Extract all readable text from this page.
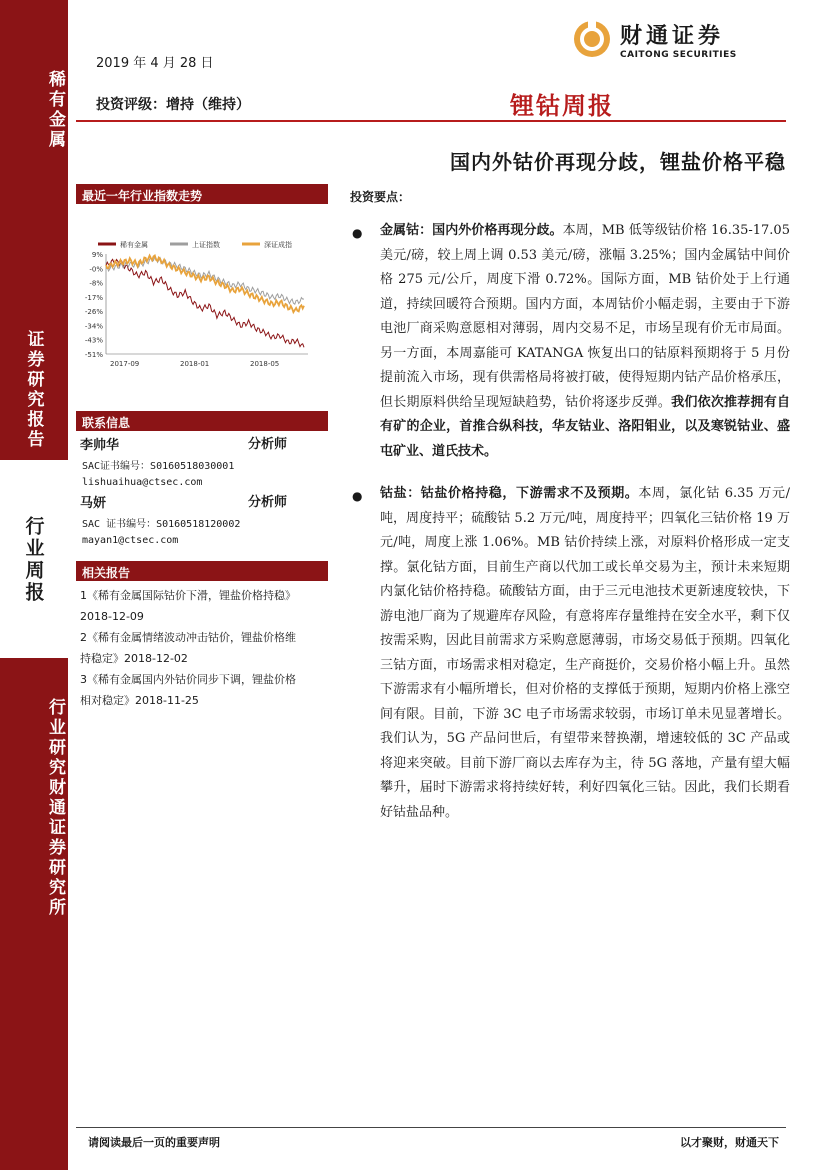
稀有金属
证券研究报告
行业周报
行业研究财通证券研究所
2019 年 4 月 28 日
投资评级：增持（维持）
财通证券
CAITONG SECURITIES
锂钴周报
国内外钴价再现分歧，锂盐价格平稳
最近一年行业指数走势
稀有金属	上证指数	深证成指
9%
-0%
-8%
-17%
-26%
-34%
-43%
-51%
2017-09	2018-01	2018-05
联系信息
李帅华	分析师
SAC证书编号：S0160518030001
lishuaihua@ctsec.com
马妍	分析师
SAC 证书编号：S0160518120002
mayan1@ctsec.com
相关报告
1《稀有金属国际钴价下滑，锂盐价格持稳》
2018-12-09
2《稀有金属情绪波动冲击钴价，锂盐价格维
持稳定》2018-12-02
3《稀有金属国内外钴价同步下调，锂盐价格
相对稳定》2018-11-25
投资要点：
● 金属钴：国内外价格再现分歧。本周，MB 低等级钴价格 16.35-17.05 美元/磅，较上周上调 0.53 美元/磅，涨幅 3.25%；国内金属钴中间价格 275 元/公斤，周度下滑 0.72%。国际方面，MB 钴价处于上行通道，持续回暖符合预期。国内方面，本周钴价小幅走弱，主要由于下游电池厂商采购意愿相对薄弱，周内交易不足，市场呈现有价无市局面。另一方面，本周嘉能可 KATANGA 恢复出口的钴原料预期将于 5 月份提前流入市场，现有供需格局将被打破，使得短期内钴产品价格承压，但长期原料供给呈现短缺趋势，钴价将逐步反弹。我们依次推荐拥有自有矿的企业，首推合纵科技，华友钴业、洛阳钼业，以及寒锐钴业、盛屯矿业、道氏技术。
● 钴盐：钴盐价格持稳，下游需求不及预期。本周，氯化钴 6.35 万元/吨，周度持平；硫酸钴 5.2 万元/吨，周度持平；四氧化三钴价格 19 万元/吨，周度上涨 1.06%。MB 钴价持续上涨，对原料价格形成一定支撑。氯化钴方面，目前生产商以代加工或长单交易为主，预计未来短期内氯化钴价格持稳。硫酸钴方面，由于三元电池技术更新速度较快，下游电池厂商为了规避库存风险，有意将库存量维持在安全水平，剩下仅按需采购，因此目前需求方采购意愿薄弱，市场交易低于预期。四氧化三钴方面，市场需求相对稳定，生产商挺价，交易价格小幅上升。虽然下游需求有小幅所增长，但对价格的支撑低于预期，短期内价格上涨空间有限。目前，下游 3C 电子市场需求较弱，市场订单未见显著增长。我们认为，5G 产品问世后，有望带来替换潮，增速较低的 3C 产品或将迎来突破。目前下游厂商以去库存为主，待 5G 落地，产量有望大幅攀升，届时下游需求将持续好转，利好四氧化三钴。因此，我们长期看好钴盐品种。
请阅读最后一页的重要声明	以才聚财，财通天下
